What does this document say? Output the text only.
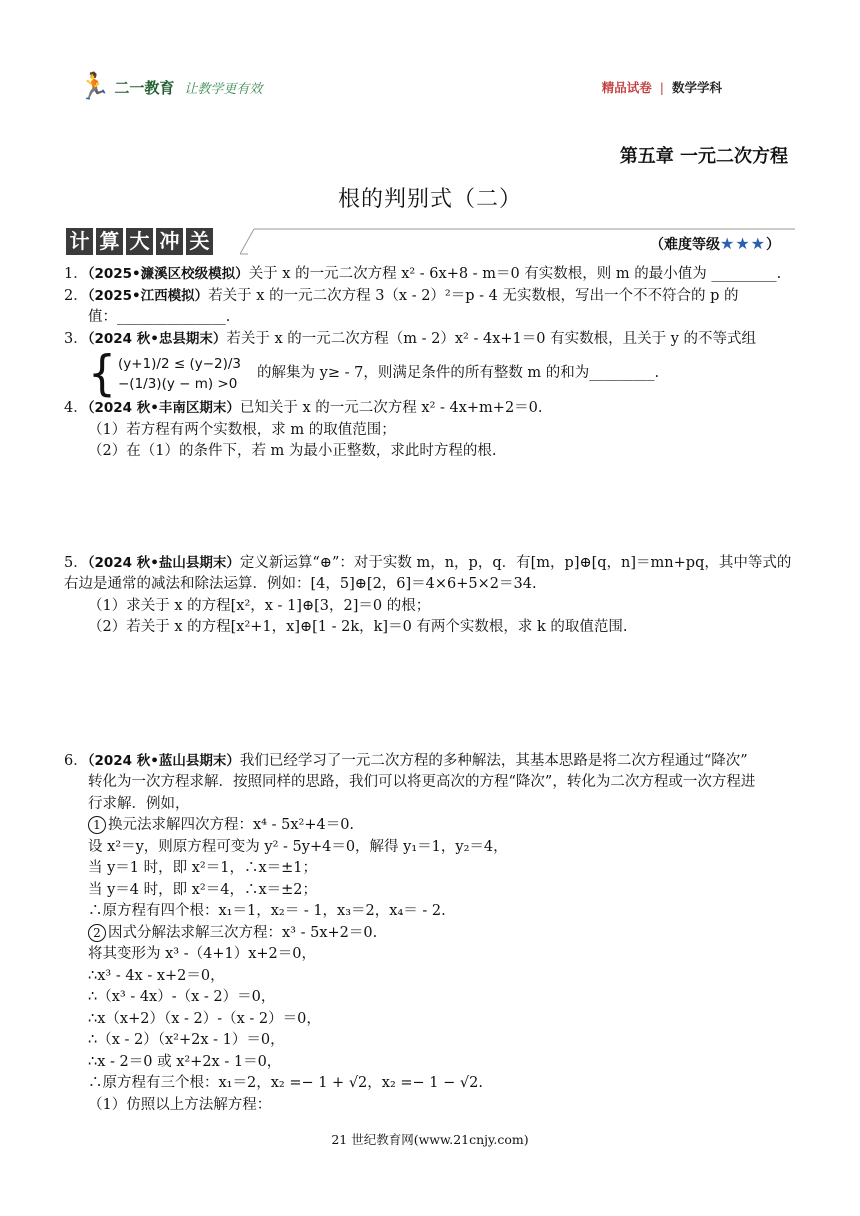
🏃 二一教育 让教学更有效	精品试卷 | 数学学科
第五章 一元二次方程
根的判别式（二）
计 算 大 冲 关	（难度等级★★★）

1．（2025•濂溪区校级模拟）关于 x 的一元二次方程 x² - 6x+8 - m＝0 有实数根，则 m 的最小值为 _________.

2．（2025•江西模拟）若关于 x 的一元二次方程 3（x - 2）²＝p - 4 无实数根，写出一个不不符合的 p 的

值：_______________.

3．（2024 秋•忠县期末）若关于 x 的一元二次方程（m - 2）x² - 4x+1＝0 有实数根，且关于 y 的不等式组

{ (y+1)/2 ≤ (y−2)/3
−(1/3)(y − m) >0
的解集为 y≥ - 7，则满足条件的所有整数 m 的和为_________.

4．（2024 秋•丰南区期末）已知关于 x 的一元二次方程 x² - 4x+m+2＝0.

（1）若方程有两个实数根，求 m 的取值范围；

（2）在（1）的条件下，若 m 为最小正整数，求此时方程的根.

5．（2024 秋•盐山县期末）定义新运算“⊕”：对于实数 m，n，p，q．有[m，p]⊕[q，n]＝mn+pq，其中等式的

右边是通常的减法和除法运算．例如：[4，5]⊕[2，6]＝4×6+5×2＝34.

（1）求关于 x 的方程[x²，x - 1]⊕[3，2]＝0 的根；

（2）若关于 x 的方程[x²+1，x]⊕[1 - 2k，k]＝0 有两个实数根，求 k 的取值范围.

6．（2024 秋•蓝山县期末）我们已经学习了一元二次方程的多种解法，其基本思路是将二次方程通过“降次”

转化为一次方程求解．按照同样的思路，我们可以将更高次的方程“降次”，转化为二次方程或一次方程进

行求解．例如，

1 换元法求解四次方程：x⁴ - 5x²+4＝0.

设 x²＝y，则原方程可变为 y² - 5y+4＝0，解得 y₁＝1，y₂＝4，

当 y＝1 时，即 x²＝1，∴x＝±1；

当 y＝4 时，即 x²＝4，∴x＝±2；

∴原方程有四个根：x₁＝1，x₂＝ - 1，x₃＝2，x₄＝ - 2.

2 因式分解法求解三次方程：x³ - 5x+2＝0.

将其变形为 x³ -（4+1）x+2＝0，

∴x³ - 4x - x+2＝0，

∴（x³ - 4x）-（x - 2）＝0，

∴x（x+2）（x - 2）-（x - 2）＝0，

∴（x - 2）（x²+2x - 1）＝0，

∴x - 2＝0 或 x²+2x - 1＝0，

∴原方程有三个根：x₁＝2，x₂ =− 1 + √2，x₂ =− 1 − √2.

（1）仿照以上方法解方程：

21 世纪教育网(www.21cnjy.com)
